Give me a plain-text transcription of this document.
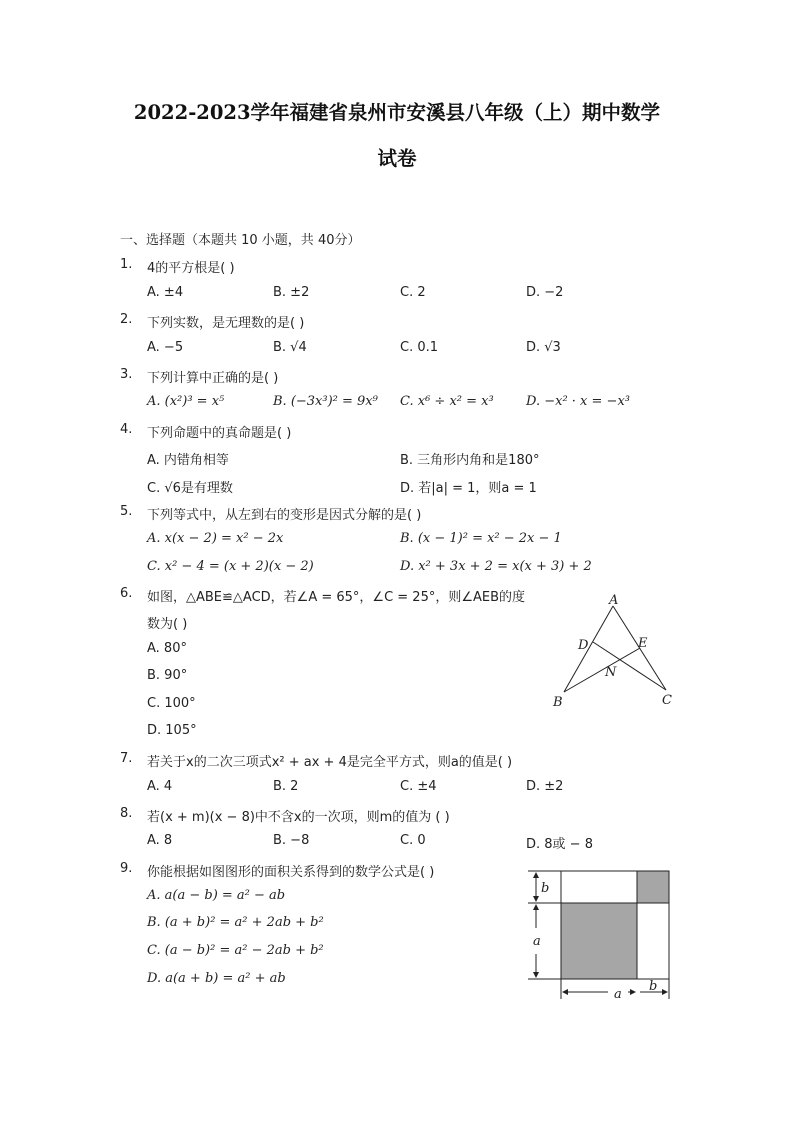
2022-2023学年福建省泉州市安溪县八年级（上）期中数学
试卷
一、选择题（本题共 10 小题，共 40分）
1. 4的平方根是( )
A. ±4	B. ±2	C. 2	D. −2
2. 下列实数，是无理数的是( )
A. −5	B. √4	C. 0.1	D. √3
3. 下列计算中正确的是( )
A. (x²)³ = x⁵	B. (−3x³)² = 9x⁹ C. x⁶ ÷ x² = x³ D. −x² · x = −x³
4. 下列命题中的真命题是( )
A. 内错角相等	B. 三角形内角和是180°
C. √6是有理数	D. 若|a| = 1，则a = 1
5. 下列等式中，从左到右的变形是因式分解的是( )
A. x(x − 2) = x² − 2x	B. (x − 1)² = x² − 2x − 1
C. x² − 4 = (x + 2)(x − 2)	D. x² + 3x + 2 = x(x + 3) + 2
6. 如图，△ABE≌△ACD，若∠A = 65°，∠C = 25°，则∠AEB的度
数为( )
A. 80°
B. 90°
C. 100°
D. 105°
A
D	E
N
B	C
7. 若关于x的二次三项式x² + ax + 4是完全平方式，则a的值是( )
A. 4	B. 2	C. ±4	D. ±2
8. 若(x + m)(x − 8)中不含x的一次项，则m的值为 ( )
A. 8	B. −8	C. 0	D. 8或 − 8
9. 你能根据如图图形的面积关系得到的数学公式是( )
A. a(a − b) = a² − ab
B. (a + b)² = a² + 2ab + b²
C. (a − b)² = a² − 2ab + b²
D. a(a + b) = a² + ab
b
a
a
b
